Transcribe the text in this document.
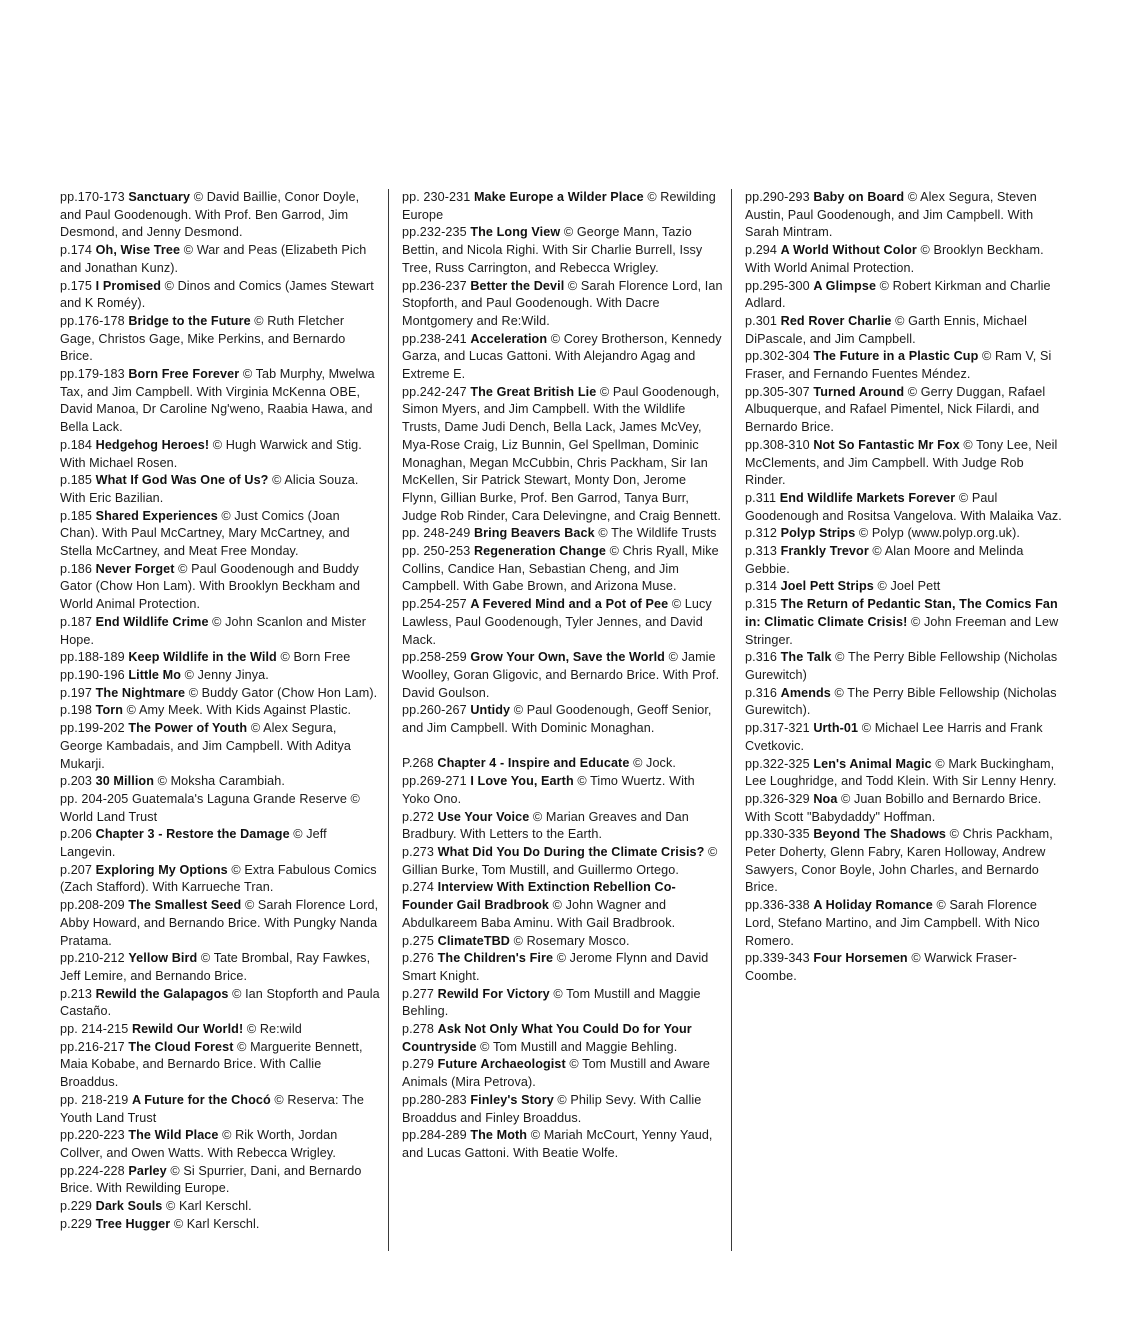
pp.170-173 Sanctuary © David Baillie, Conor Doyle, and Paul Goodenough. With Prof. Ben Garrod, Jim Desmond, and Jenny Desmond.

p.174 Oh, Wise Tree © War and Peas (Elizabeth Pich and Jonathan Kunz).

p.175 I Promised © Dinos and Comics (James Stewart and K Roméy).

pp.176-178 Bridge to the Future © Ruth Fletcher Gage, Christos Gage, Mike Perkins, and Bernardo Brice.

pp.179-183 Born Free Forever © Tab Murphy, Mwelwa Tax, and Jim Campbell. With Virginia McKenna OBE, David Manoa, Dr Caroline Ng'weno, Raabia Hawa, and Bella Lack.

p.184 Hedgehog Heroes! © Hugh Warwick and Stig. With Michael Rosen.

p.185 What If God Was One of Us? © Alicia Souza. With Eric Bazilian.

p.185 Shared Experiences © Just Comics (Joan Chan). With Paul McCartney, Mary McCartney, and Stella McCartney, and Meat Free Monday.

p.186 Never Forget © Paul Goodenough and Buddy Gator (Chow Hon Lam). With Brooklyn Beckham and World Animal Protection.

p.187 End Wildlife Crime © John Scanlon and Mister Hope.

pp.188-189 Keep Wildlife in the Wild © Born Free

pp.190-196 Little Mo © Jenny Jinya.

p.197 The Nightmare © Buddy Gator (Chow Hon Lam).

p.198 Torn © Amy Meek. With Kids Against Plastic.

pp.199-202 The Power of Youth © Alex Segura, George Kambadais, and Jim Campbell. With Aditya Mukarji.

p.203 30 Million © Moksha Carambiah.

pp. 204-205 Guatemala's Laguna Grande Reserve © World Land Trust

p.206 Chapter 3 - Restore the Damage © Jeff Langevin.

p.207 Exploring My Options © Extra Fabulous Comics (Zach Stafford). With Karrueche Tran.

pp.208-209 The Smallest Seed © Sarah Florence Lord, Abby Howard, and Bernando Brice. With Pungky Nanda Pratama.

pp.210-212 Yellow Bird © Tate Brombal, Ray Fawkes, Jeff Lemire, and Bernando Brice.

p.213 Rewild the Galapagos © Ian Stopforth and Paula Castaño.

pp. 214-215 Rewild Our World! © Re:wild

pp.216-217 The Cloud Forest © Marguerite Bennett, Maia Kobabe, and Bernardo Brice. With Callie Broaddus.

pp. 218-219 A Future for the Chocó © Reserva: The Youth Land Trust

pp.220-223 The Wild Place © Rik Worth, Jordan Collver, and Owen Watts. With Rebecca Wrigley.

pp.224-228 Parley © Si Spurrier, Dani, and Bernardo Brice. With Rewilding Europe.

p.229 Dark Souls © Karl Kerschl.

p.229 Tree Hugger © Karl Kerschl.

pp. 230-231 Make Europe a Wilder Place © Rewilding Europe

pp.232-235 The Long View © George Mann, Tazio Bettin, and Nicola Righi. With Sir Charlie Burrell, Issy Tree, Russ Carrington, and Rebecca Wrigley.

pp.236-237 Better the Devil © Sarah Florence Lord, Ian Stopforth, and Paul Goodenough. With Dacre Montgomery and Re:Wild.

pp.238-241 Acceleration © Corey Brotherson, Kennedy Garza, and Lucas Gattoni. With Alejandro Agag and Extreme E.

pp.242-247 The Great British Lie © Paul Goodenough, Simon Myers, and Jim Campbell. With the Wildlife Trusts, Dame Judi Dench, Bella Lack, James McVey, Mya-Rose Craig, Liz Bunnin, Gel Spellman, Dominic Monaghan, Megan McCubbin, Chris Packham, Sir Ian McKellen, Sir Patrick Stewart, Monty Don, Jerome Flynn, Gillian Burke, Prof. Ben Garrod, Tanya Burr, Judge Rob Rinder, Cara Delevingne, and Craig Bennett.

pp. 248-249 Bring Beavers Back © The Wildlife Trusts

pp. 250-253 Regeneration Change © Chris Ryall, Mike Collins, Candice Han, Sebastian Cheng, and Jim Campbell. With Gabe Brown, and Arizona Muse.

pp.254-257 A Fevered Mind and a Pot of Pee © Lucy Lawless, Paul Goodenough, Tyler Jennes, and David Mack.

pp.258-259 Grow Your Own, Save the World © Jamie Woolley, Goran Gligovic, and Bernardo Brice. With Prof. David Goulson.

pp.260-267 Untidy © Paul Goodenough, Geoff Senior, and Jim Campbell. With Dominic Monaghan.

P.268 Chapter 4 - Inspire and Educate © Jock.

pp.269-271 I Love You, Earth © Timo Wuertz. With Yoko Ono.

p.272 Use Your Voice © Marian Greaves and Dan Bradbury. With Letters to the Earth.

p.273 What Did You Do During the Climate Crisis? © Gillian Burke, Tom Mustill, and Guillermo Ortego.

p.274 Interview With Extinction Rebellion Co-Founder Gail Bradbrook © John Wagner and Abdulkareem Baba Aminu. With Gail Bradbrook.

p.275 ClimateTBD © Rosemary Mosco.

p.276 The Children's Fire © Jerome Flynn and David Smart Knight.

p.277 Rewild For Victory © Tom Mustill and Maggie Behling.

p.278 Ask Not Only What You Could Do for Your Countryside © Tom Mustill and Maggie Behling.

p.279 Future Archaeologist © Tom Mustill and Aware Animals (Mira Petrova).

pp.280-283 Finley's Story © Philip Sevy. With Callie Broaddus and Finley Broaddus.

pp.284-289 The Moth © Mariah McCourt, Yenny Yaud, and Lucas Gattoni. With Beatie Wolfe.

pp.290-293 Baby on Board © Alex Segura, Steven Austin, Paul Goodenough, and Jim Campbell. With Sarah Mintram.

p.294 A World Without Color © Brooklyn Beckham. With World Animal Protection.

pp.295-300 A Glimpse © Robert Kirkman and Charlie Adlard.

p.301 Red Rover Charlie © Garth Ennis, Michael DiPascale, and Jim Campbell.

pp.302-304 The Future in a Plastic Cup © Ram V, Si Fraser, and Fernando Fuentes Méndez.

pp.305-307 Turned Around © Gerry Duggan, Rafael Albuquerque, and Rafael Pimentel, Nick Filardi, and Bernardo Brice.

pp.308-310 Not So Fantastic Mr Fox © Tony Lee, Neil McClements, and Jim Campbell. With Judge Rob Rinder.

p.311 End Wildlife Markets Forever © Paul Goodenough and Rositsa Vangelova. With Malaika Vaz.

p.312 Polyp Strips © Polyp (www.polyp.org.uk).

p.313 Frankly Trevor © Alan Moore and Melinda Gebbie.

p.314 Joel Pett Strips © Joel Pett

p.315 The Return of Pedantic Stan, The Comics Fan in: Climatic Climate Crisis! © John Freeman and Lew Stringer.

p.316 The Talk © The Perry Bible Fellowship (Nicholas Gurewitch)

p.316 Amends © The Perry Bible Fellowship (Nicholas Gurewitch).

pp.317-321 Urth-01 © Michael Lee Harris and Frank Cvetkovic.

pp.322-325 Len's Animal Magic © Mark Buckingham, Lee Loughridge, and Todd Klein. With Sir Lenny Henry.

pp.326-329 Noa © Juan Bobillo and Bernardo Brice. With Scott "Babydaddy" Hoffman.

pp.330-335 Beyond The Shadows © Chris Packham, Peter Doherty, Glenn Fabry, Karen Holloway, Andrew Sawyers, Conor Boyle, John Charles, and Bernardo Brice.

pp.336-338 A Holiday Romance © Sarah Florence Lord, Stefano Martino, and Jim Campbell. With Nico Romero.

pp.339-343 Four Horsemen © Warwick Fraser-Coombe.
